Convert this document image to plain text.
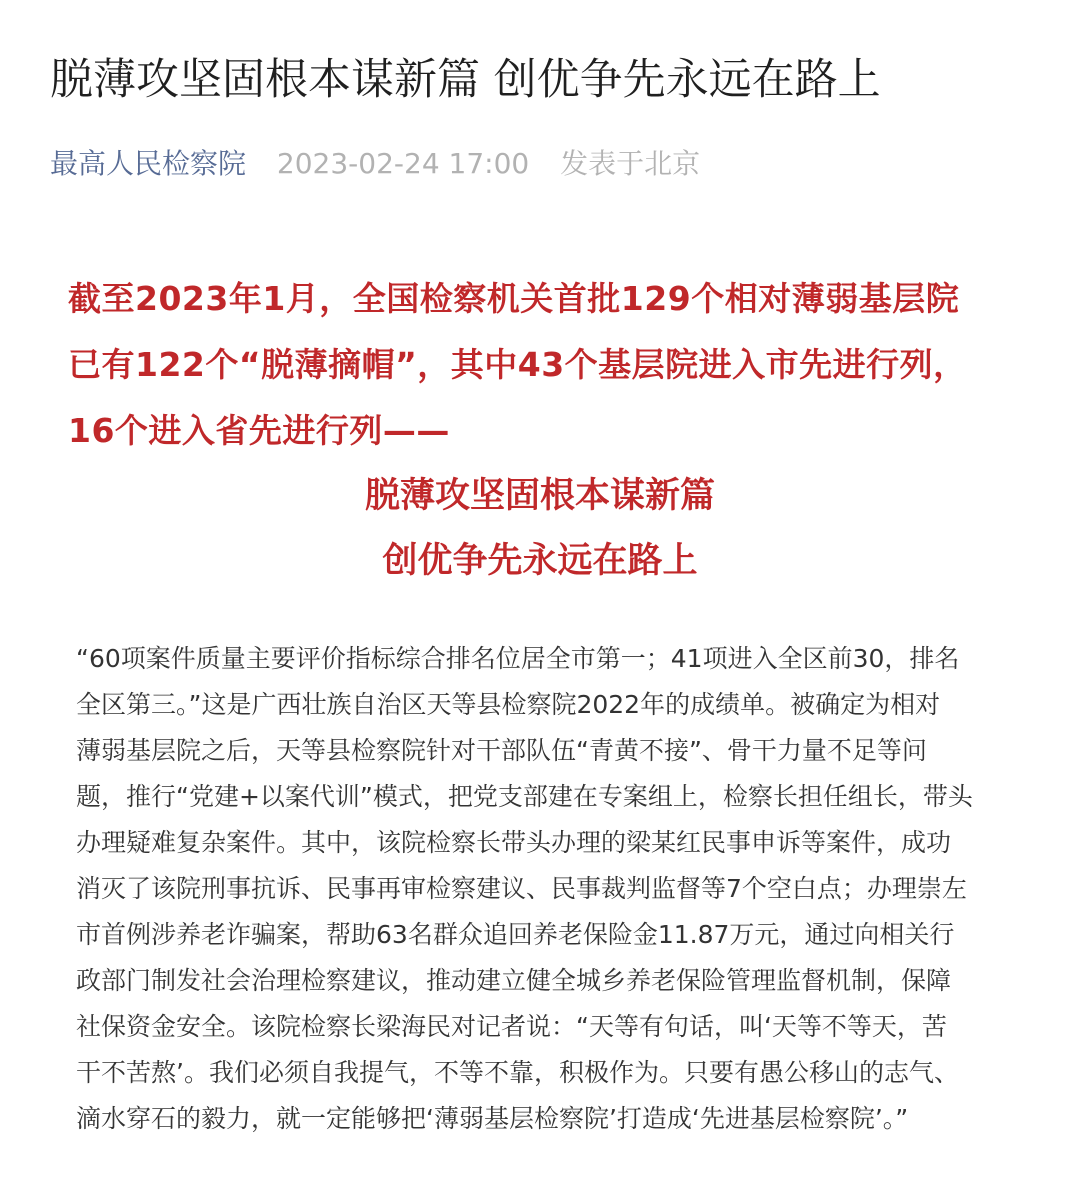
脱薄攻坚固根本谋新篇 创优争先永远在路上
最高人民检察院 2023-02-24 17:00 发表于北京

截至2023年1月，全国检察机关首批129个相对薄弱基层院
已有122个“脱薄摘帽”，其中43个基层院进入市先进行列，
16个进入省先进行列——

脱薄攻坚固根本谋新篇

创优争先永远在路上

“60项案件质量主要评价指标综合排名位居全市第一；41项进入全区前30，排名
全区第三。”这是广西壮族自治区天等县检察院2022年的成绩单。被确定为相对
薄弱基层院之后，天等县检察院针对干部队伍“青黄不接”、骨干力量不足等问
题，推行“党建+以案代训”模式，把党支部建在专案组上，检察长担任组长，带头
办理疑难复杂案件。其中，该院检察长带头办理的梁某红民事申诉等案件，成功
消灭了该院刑事抗诉、民事再审检察建议、民事裁判监督等7个空白点；办理崇左
市首例涉养老诈骗案，帮助63名群众追回养老保险金11.87万元，通过向相关行
政部门制发社会治理检察建议，推动建立健全城乡养老保险管理监督机制，保障
社保资金安全。该院检察长梁海民对记者说：“天等有句话，叫‘天等不等天，苦
干不苦熬’。我们必须自我提气，不等不靠，积极作为。只要有愚公移山的志气、
滴水穿石的毅力，就一定能够把‘薄弱基层检察院’打造成‘先进基层检察院’。”
